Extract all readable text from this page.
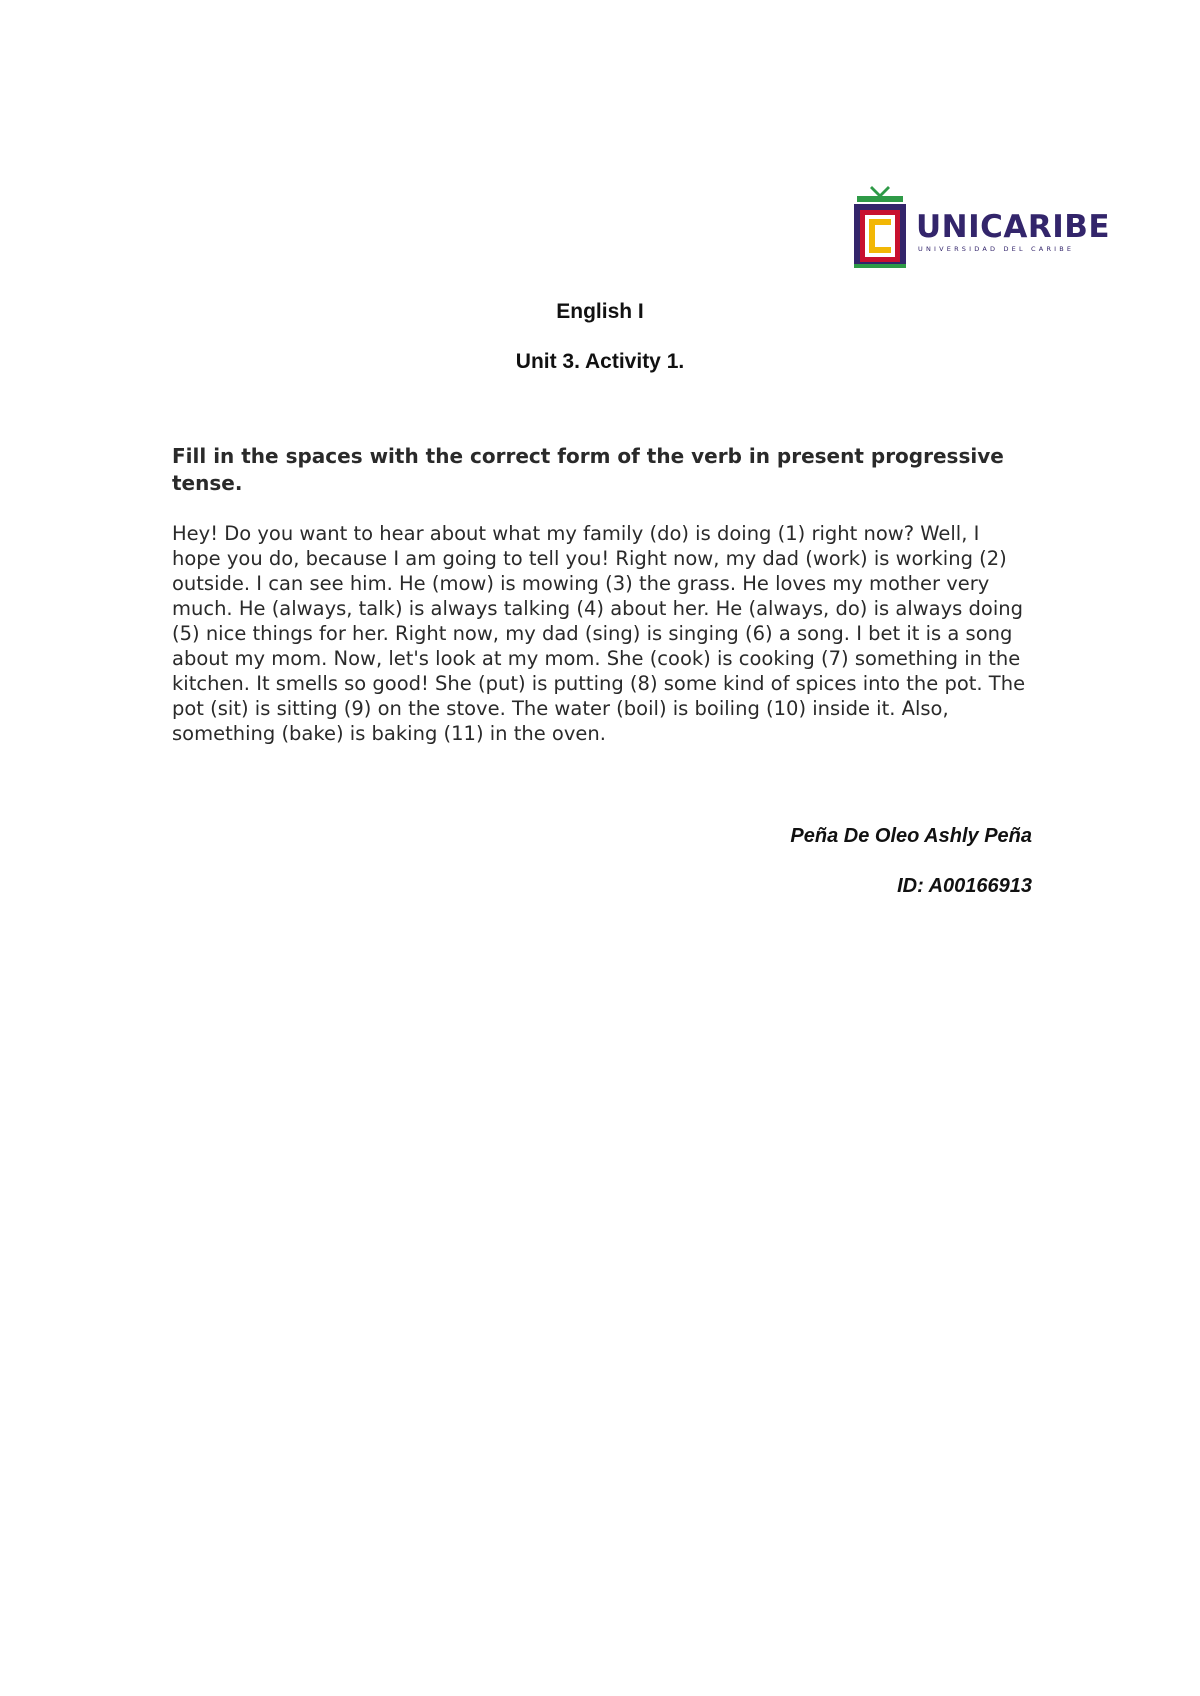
UNICARIBE
UNIVERSIDAD DEL CARIBE
English I
Unit 3. Activity 1.

Fill in the spaces with the correct form of the verb in present progressive tense.

Hey! Do you want to hear about what my family (do) is doing (1) right now? Well, I hope you do, because I am going to tell you! Right now, my dad (work) is working (2) outside. I can see him. He (mow) is mowing (3) the grass. He loves my mother very much. He (always, talk) is always talking (4) about her. He (always, do) is always doing (5) nice things for her. Right now, my dad (sing) is singing (6) a song. I bet it is a song about my mom. Now, let's look at my mom. She (cook) is cooking (7) something in the kitchen. It smells so good! She (put) is putting (8) some kind of spices into the pot. The pot (sit) is sitting (9) on the stove. The water (boil) is boiling (10) inside it. Also, something (bake) is baking (11) in the oven.

Peña De Oleo Ashly Peña
ID: A00166913
